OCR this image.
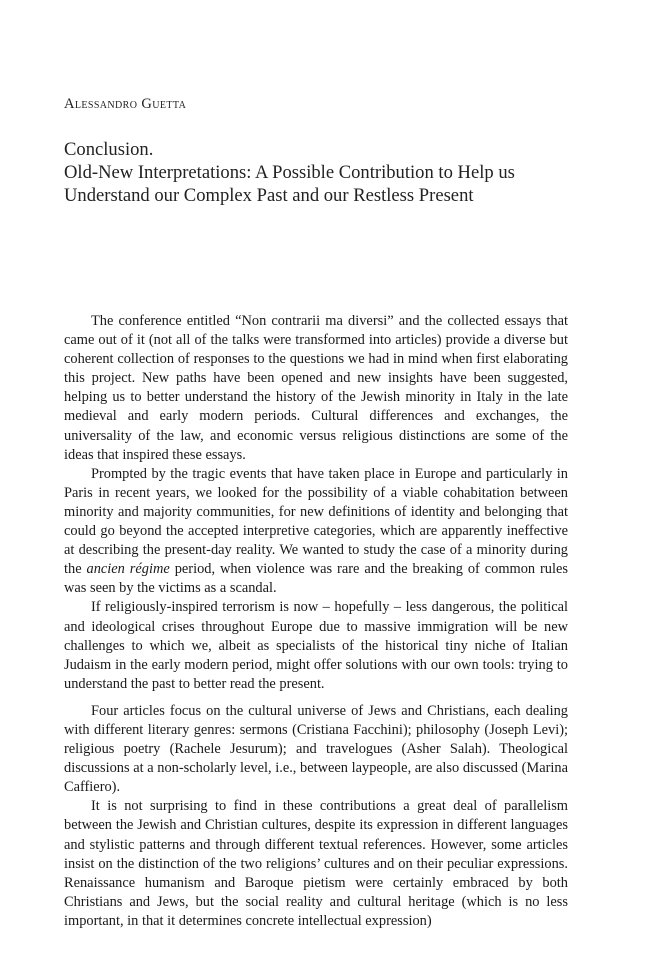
Alessandro Guetta
Conclusion.
Old-New Interpretations: A Possible Contribution to Help us
Understand our Complex Past and our Restless Present

The conference entitled “Non contrarii ma diversi” and the collected essays that came out of it (not all of the talks were transformed into articles) provide a diverse but coherent collection of responses to the questions we had in mind when first elaborating this project. New paths have been opened and new insights have been suggested, helping us to better understand the history of the Jewish minority in Italy in the late medieval and early modern periods. Cultural differences and exchanges, the universality of the law, and economic versus religious distinctions are some of the ideas that inspired these essays.

Prompted by the tragic events that have taken place in Europe and particularly in Paris in recent years, we looked for the possibility of a viable cohabitation between minority and majority communities, for new definitions of identity and belonging that could go beyond the accepted interpretive categories, which are apparently ineffective at describing the present-day reality. We wanted to study the case of a minority during the ancien régime period, when violence was rare and the breaking of common rules was seen by the victims as a scandal.

If religiously-inspired terrorism is now – hopefully – less dangerous, the political and ideological crises throughout Europe due to massive immigration will be new challenges to which we, albeit as specialists of the historical tiny niche of Italian Judaism in the early modern period, might offer solutions with our own tools: trying to understand the past to better read the present.

Four articles focus on the cultural universe of Jews and Christians, each dealing with different literary genres: sermons (Cristiana Facchini); philosophy (Joseph Levi); religious poetry (Rachele Jesurum); and travelogues (Asher Salah). Theological discussions at a non-scholarly level, i.e., between laypeople, are also discussed (Marina Caffiero).

It is not surprising to find in these contributions a great deal of parallelism between the Jewish and Christian cultures, despite its expression in different languages and stylistic patterns and through different textual references. However, some articles insist on the distinction of the two religions’ cultures and on their peculiar expressions. Renaissance humanism and Baroque pietism were certainly embraced by both Christians and Jews, but the social reality and cultural heritage (which is no less important, in that it determines concrete intellectual expression)
